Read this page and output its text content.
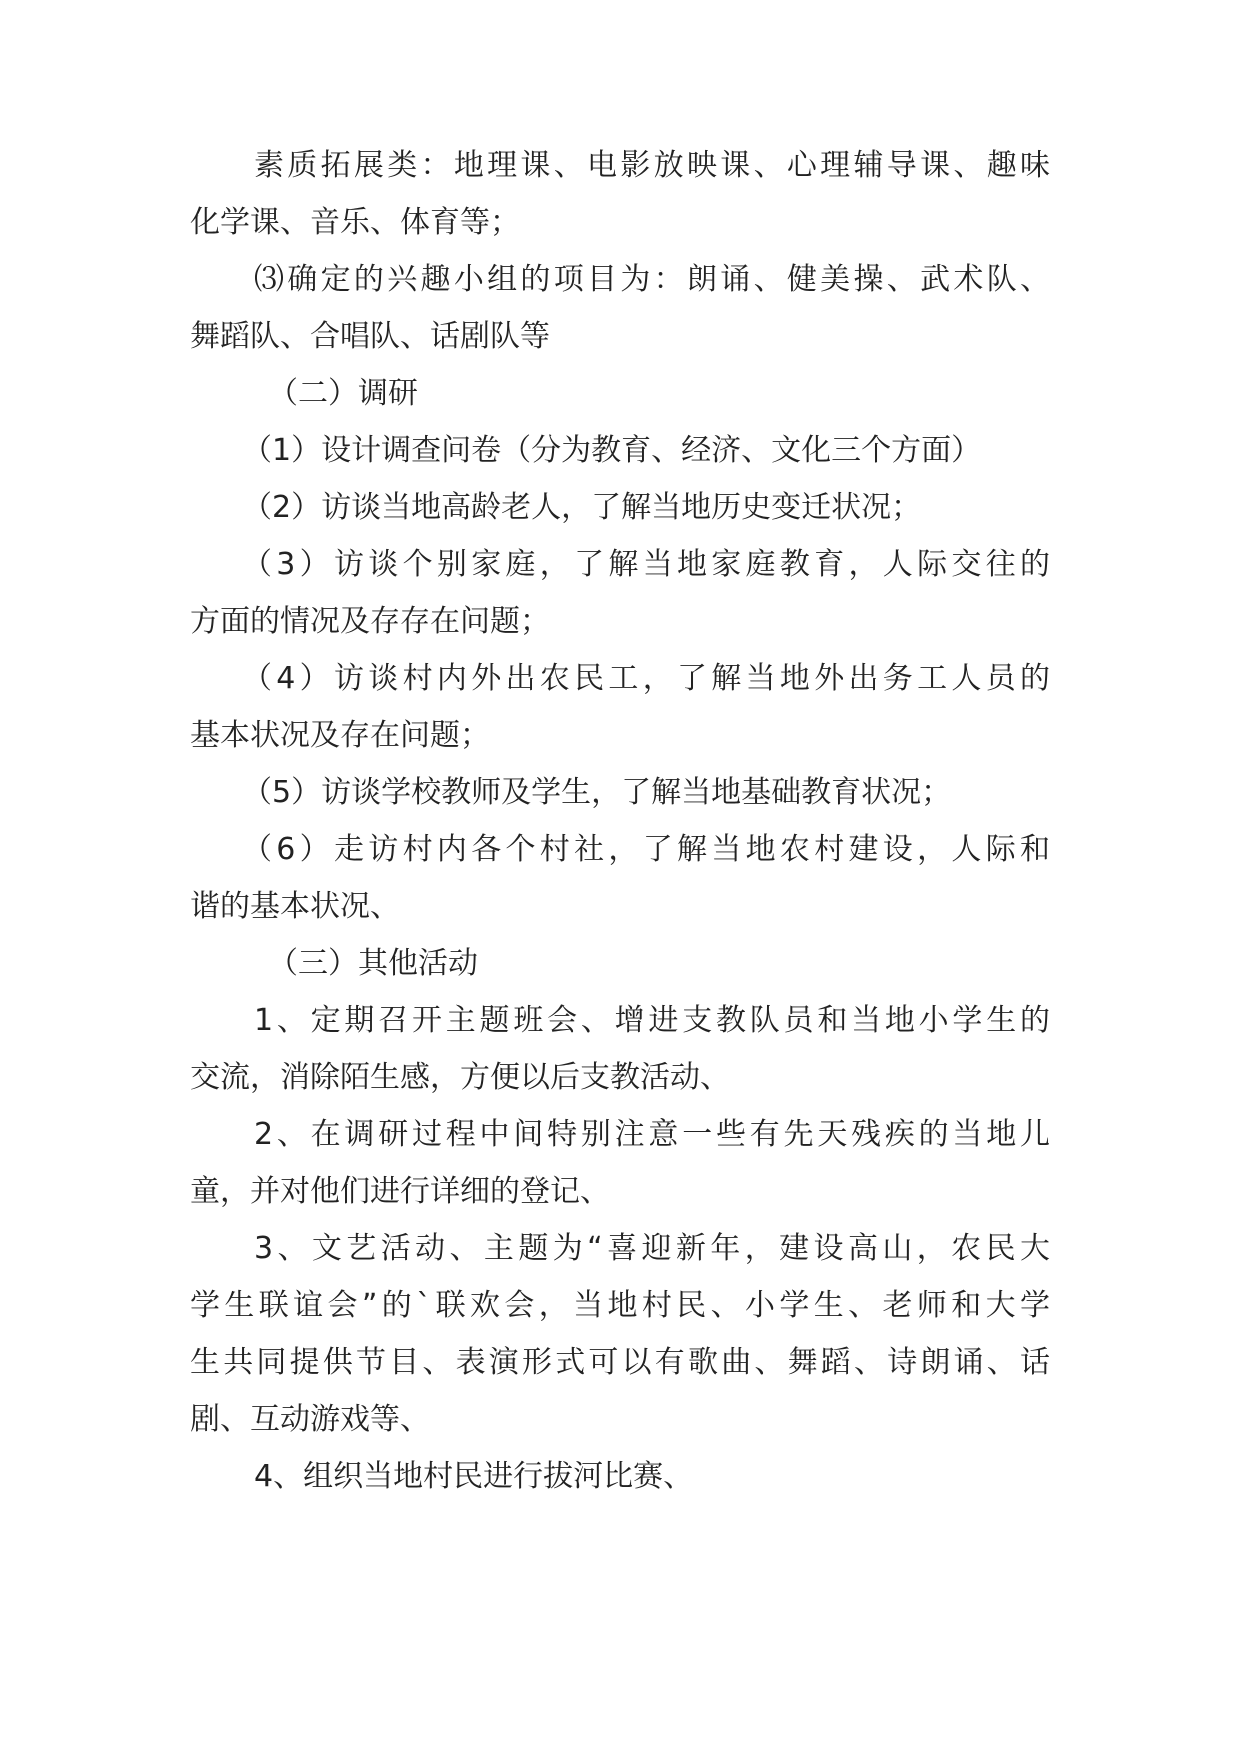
素质拓展类：地理课、电影放映课、心理辅导课、趣味
化学课、音乐、体育等；
⑶确定的兴趣小组的项目为：朗诵、健美操、武术队、
舞蹈队、合唱队、话剧队等
（二）调研
（1）设计调查问卷（分为教育、经济、文化三个方面）
（2）访谈当地高龄老人，了解当地历史变迁状况；
（3）访谈个别家庭，了解当地家庭教育，人际交往的
方面的情况及存存在问题；
（4）访谈村内外出农民工，了解当地外出务工人员的
基本状况及存在问题；
（5）访谈学校教师及学生，了解当地基础教育状况；
（6）走访村内各个村社，了解当地农村建设，人际和
谐的基本状况、
（三）其他活动
1、定期召开主题班会、增进支教队员和当地小学生的
交流，消除陌生感，方便以后支教活动、
2、在调研过程中间特别注意一些有先天残疾的当地儿
童，并对他们进行详细的登记、
3、文艺活动、主题为“喜迎新年，建设高山，农民大
学生联谊会”的`联欢会，当地村民、小学生、老师和大学
生共同提供节目、表演形式可以有歌曲、舞蹈、诗朗诵、话
剧、互动游戏等、
4、组织当地村民进行拔河比赛、
